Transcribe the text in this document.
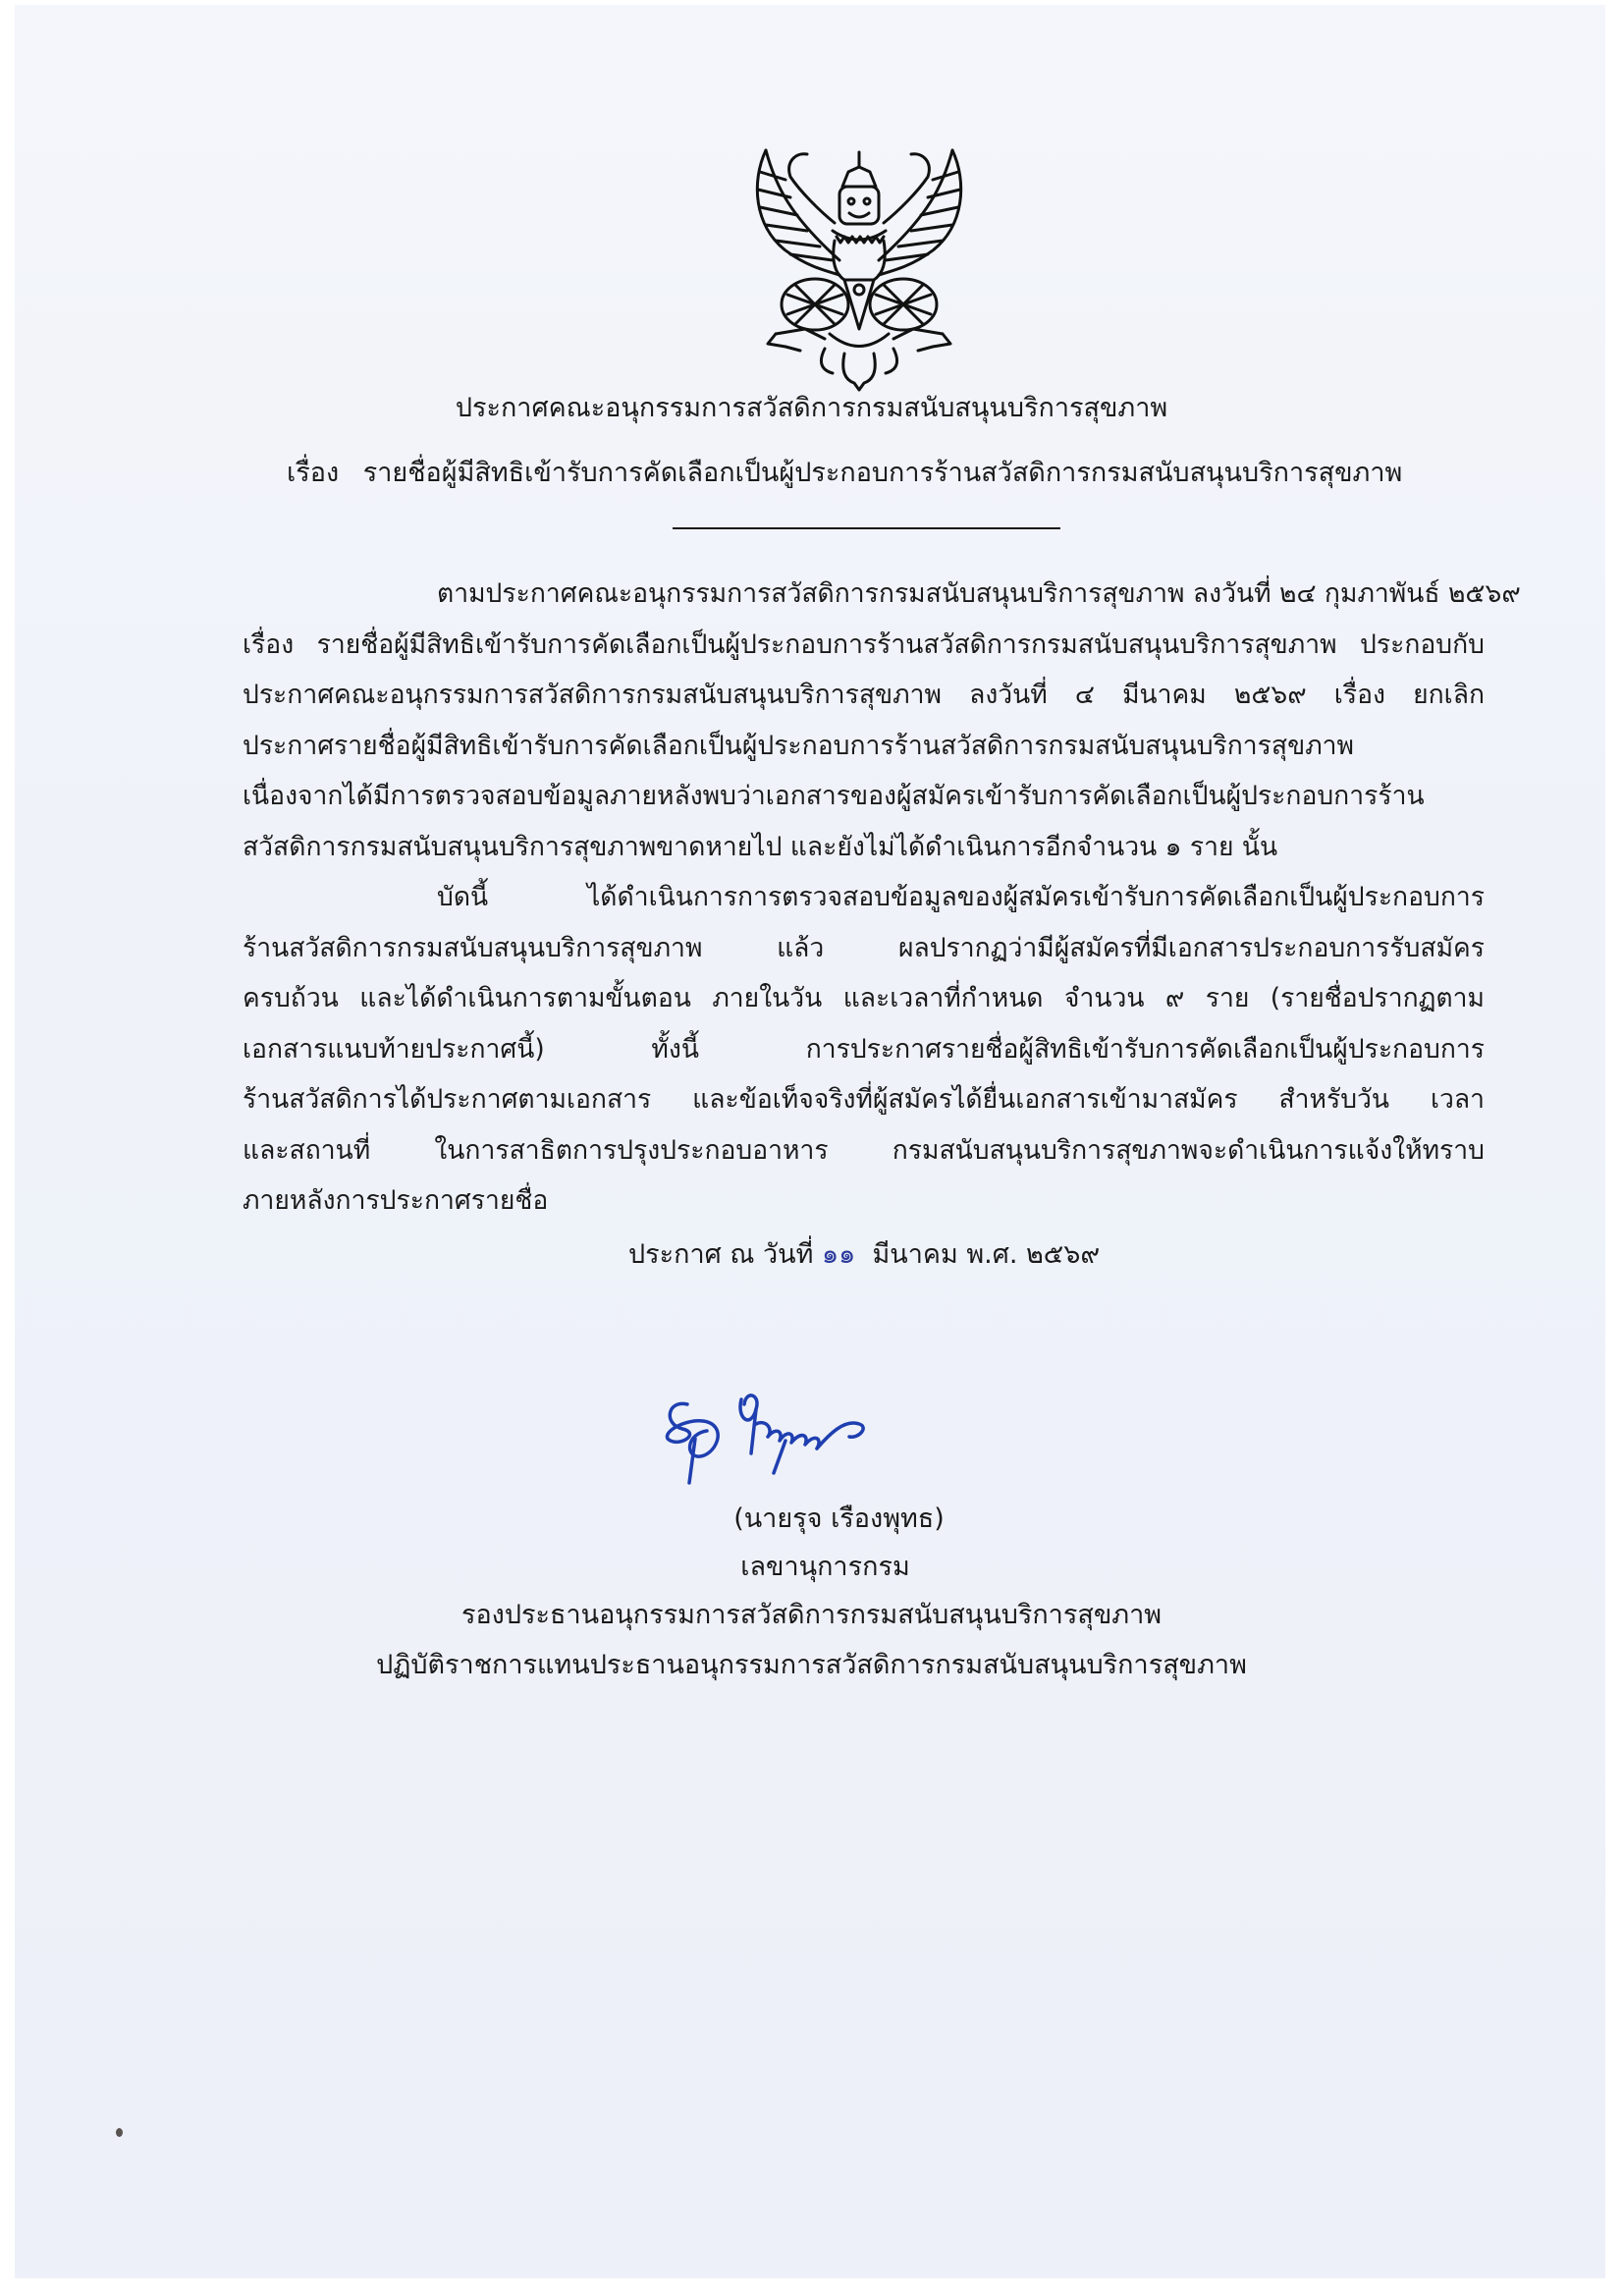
ประกาศคณะอนุกรรมการสวัสดิการกรมสนับสนุนบริการสุขภาพ
เรื่อง รายชื่อผู้มีสิทธิเข้ารับการคัดเลือกเป็นผู้ประกอบการร้านสวัสดิการกรมสนับสนุนบริการสุขภาพ
ตามประกาศคณะอนุกรรมการสวัสดิการกรมสนับสนุนบริการสุขภาพ ลงวันที่ ๒๔ กุมภาพันธ์ ๒๕๖๙
เรื่อง รายชื่อผู้มีสิทธิเข้ารับการคัดเลือกเป็นผู้ประกอบการร้านสวัสดิการกรมสนับสนุนบริการสุขภาพ ประกอบกับ
ประกาศคณะอนุกรรมการสวัสดิการกรมสนับสนุนบริการสุขภาพ ลงวันที่ ๔ มีนาคม ๒๕๖๙ เรื่อง ยกเลิก
ประกาศรายชื่อผู้มีสิทธิเข้ารับการคัดเลือกเป็นผู้ประกอบการร้านสวัสดิการกรมสนับสนุนบริการสุขภาพ
เนื่องจากได้มีการตรวจสอบข้อมูลภายหลังพบว่าเอกสารของผู้สมัครเข้ารับการคัดเลือกเป็นผู้ประกอบการร้าน
สวัสดิการกรมสนับสนุนบริการสุขภาพขาดหายไป และยังไม่ได้ดำเนินการอีกจำนวน ๑ ราย นั้น
บัดนี้ ได้ดำเนินการการตรวจสอบข้อมูลของผู้สมัครเข้ารับการคัดเลือกเป็นผู้ประกอบการ
ร้านสวัสดิการกรมสนับสนุนบริการสุขภาพ แล้ว ผลปรากฏว่ามีผู้สมัครที่มีเอกสารประกอบการรับสมัคร
ครบถ้วน และได้ดำเนินการตามขั้นตอน ภายในวัน และเวลาที่กำหนด จำนวน ๙ ราย (รายชื่อปรากฏตาม
เอกสารแนบท้ายประกาศนี้) ทั้งนี้ การประกาศรายชื่อผู้สิทธิเข้ารับการคัดเลือกเป็นผู้ประกอบการ
ร้านสวัสดิการได้ประกาศตามเอกสาร และข้อเท็จจริงที่ผู้สมัครได้ยื่นเอกสารเข้ามาสมัคร สำหรับวัน เวลา
และสถานที่ ในการสาธิตการปรุงประกอบอาหาร กรมสนับสนุนบริการสุขภาพจะดำเนินการแจ้งให้ทราบ
ภายหลังการประกาศรายชื่อ
ประกาศ ณ วันที่ ๑๑ มีนาคม พ.ศ. ๒๕๖๙
(นายรุจ เรืองพุทธ)
เลขานุการกรม
รองประธานอนุกรรมการสวัสดิการกรมสนับสนุนบริการสุขภาพ
ปฏิบัติราชการแทนประธานอนุกรรมการสวัสดิการกรมสนับสนุนบริการสุขภาพ
